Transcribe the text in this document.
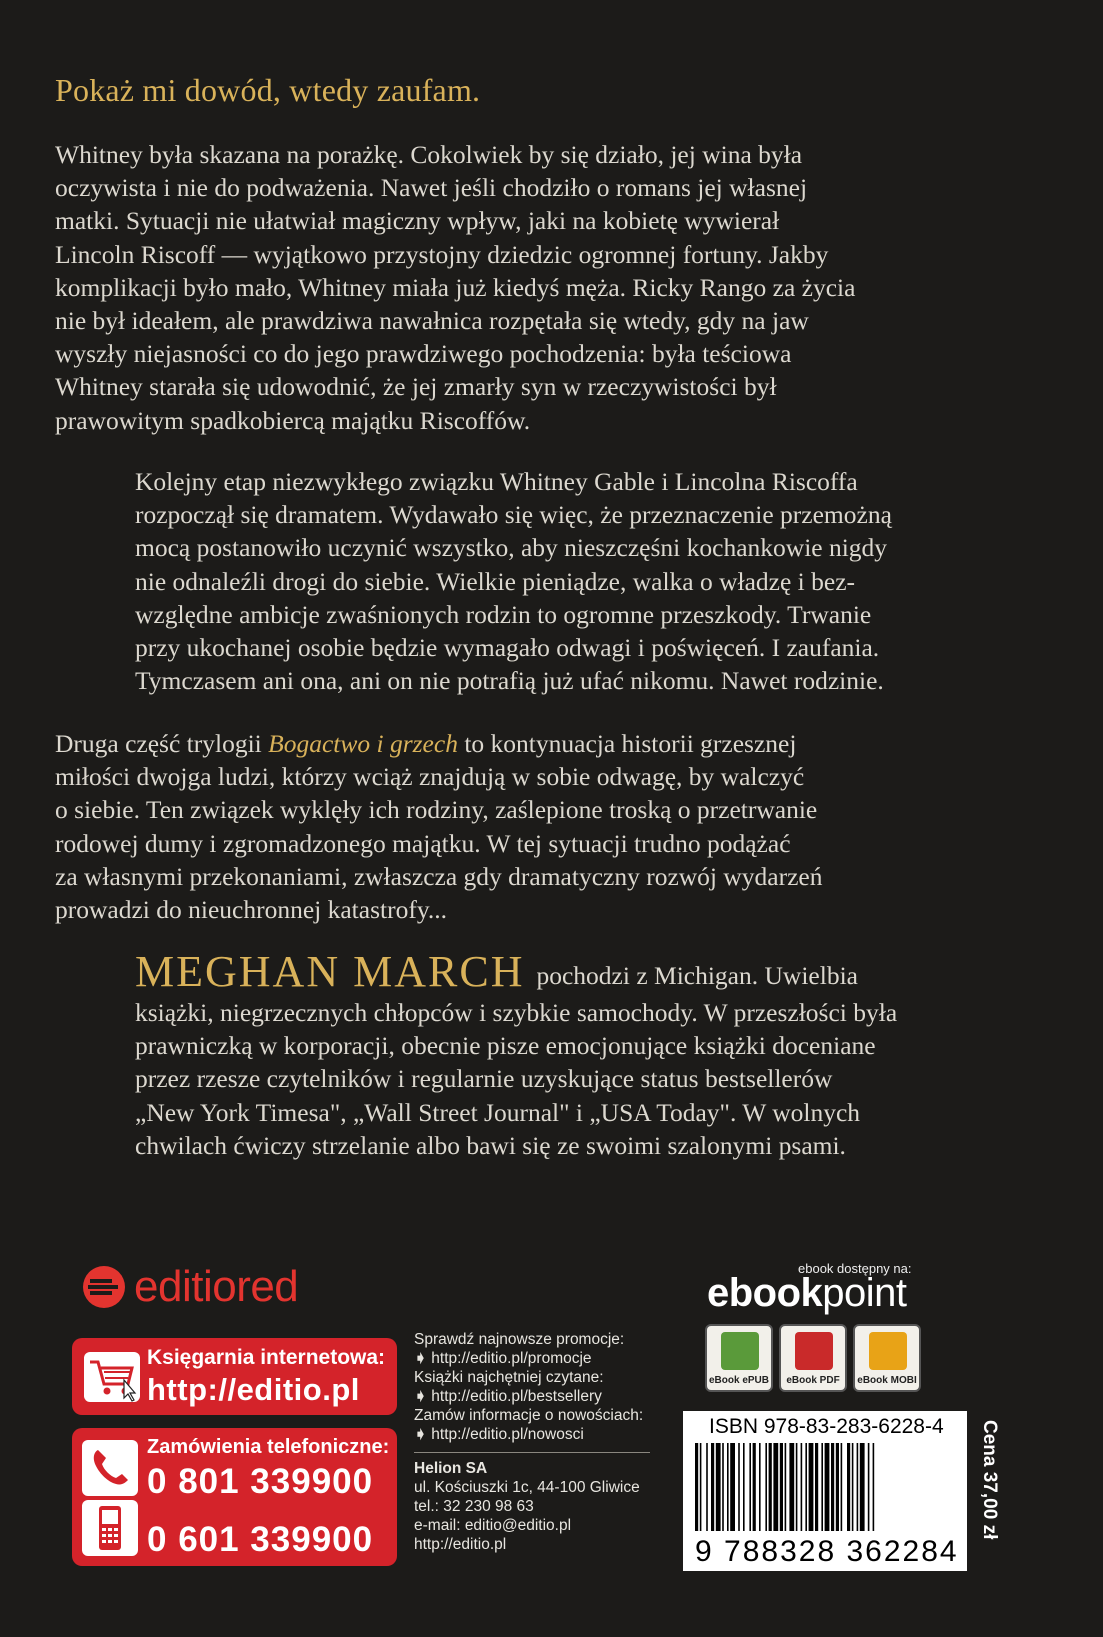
Pokaż mi dowód, wtedy zaufam.
Whitney była skazana na porażkę. Cokolwiek by się działo, jej wina była
oczywista i nie do podważenia. Nawet jeśli chodziło o romans jej własnej
matki. Sytuacji nie ułatwiał magiczny wpływ, jaki na kobietę wywierał
Lincoln Riscoff — wyjątkowo przystojny dziedzic ogromnej fortuny. Jakby
komplikacji było mało, Whitney miała już kiedyś męża. Ricky Rango za życia
nie był ideałem, ale prawdziwa nawałnica rozpętała się wtedy, gdy na jaw
wyszły niejasności co do jego prawdziwego pochodzenia: była teściowa
Whitney starała się udowodnić, że jej zmarły syn w rzeczywistości był
prawowitym spadkobiercą majątku Riscoffów.
Kolejny etap niezwykłego związku Whitney Gable i Lincolna Riscoffa
rozpoczął się dramatem. Wydawało się więc, że przeznaczenie przemożną
mocą postanowiło uczynić wszystko, aby nieszczęśni kochankowie nigdy
nie odnaleźli drogi do siebie. Wielkie pieniądze, walka o władzę i bez-
względne ambicje zwaśnionych rodzin to ogromne przeszkody. Trwanie
przy ukochanej osobie będzie wymagało odwagi i poświęceń. I zaufania.
Tymczasem ani ona, ani on nie potrafią już ufać nikomu. Nawet rodzinie.
Druga część trylogii Bogactwo i grzech to kontynuacja historii grzesznej
miłości dwojga ludzi, którzy wciąż znajdują w sobie odwagę, by walczyć
o siebie. Ten związek wyklęły ich rodziny, zaślepione troską o przetrwanie
rodowej dumy i zgromadzonego majątku. W tej sytuacji trudno podążać
za własnymi przekonaniami, zwłaszcza gdy dramatyczny rozwój wydarzeń
prowadzi do nieuchronnej katastrofy...
MEGHAN MARCH pochodzi z Michigan. Uwielbia
książki, niegrzecznych chłopców i szybkie samochody. W przeszłości była
prawniczką w korporacji, obecnie pisze emocjonujące książki doceniane
przez rzesze czytelników i regularnie uzyskujące status bestsellerów
„New York Timesa", „Wall Street Journal" i „USA Today". W wolnych
chwilach ćwiczy strzelanie albo bawi się ze swoimi szalonymi psami.
editiored
Księgarnia internetowa:
http://editio.pl
Zamówienia telefoniczne:
0 801 339900
0 601 339900
Sprawdź najnowsze promocje:
➧ http://editio.pl/promocje
Książki najchętniej czytane:
➧ http://editio.pl/bestsellery
Zamów informacje o nowościach:
➧ http://editio.pl/nowosci
Helion SA
ul. Kościuszki 1c, 44-100 Gliwice
tel.: 32 230 98 63
e-mail: editio@editio.pl
http://editio.pl
ebook dostępny na:
ebookpoint
eBook ePUB	eBook PDF	eBook MOBI
ISBN 978-83-283-6228-4
9 788328 362284
Cena 37,00 zł
